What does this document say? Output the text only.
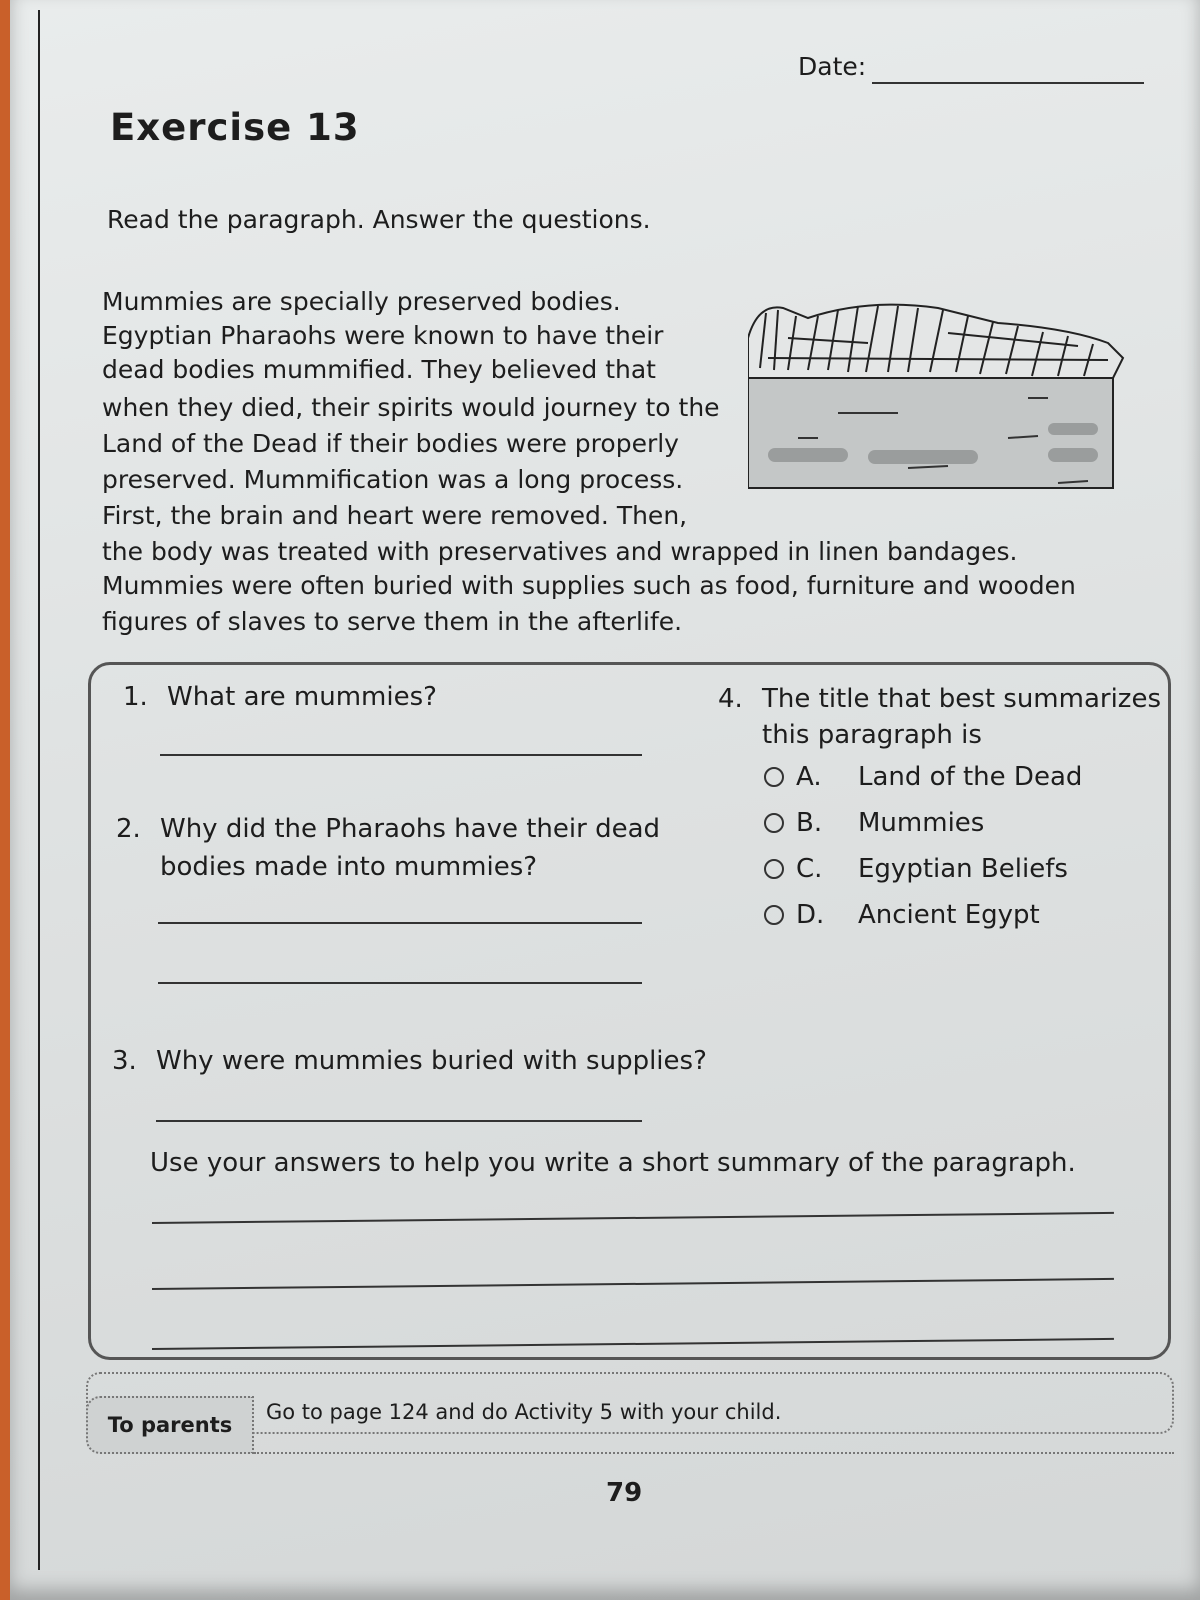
Date:
Exercise 13
Read the paragraph. Answer the questions.
Mummies are specially preserved bodies.
Egyptian Pharaohs were known to have their
dead bodies mummified. They believed that
when they died, their spirits would journey to the
Land of the Dead if their bodies were properly
preserved. Mummification was a long process.
First, the brain and heart were removed. Then,
the body was treated with preservatives and wrapped in linen bandages.
Mummies were often buried with supplies such as food, furniture and wooden
figures of slaves to serve them in the afterlife.
1. What are mummies?
2. Why did the Pharaohs have their dead
bodies made into mummies?
3. Why were mummies buried with supplies?
4. The title that best summarizes
this paragraph is
A.	Land of the Dead
B.	Mummies
C.	Egyptian Beliefs
D.	Ancient Egypt
Use your answers to help you write a short summary of the paragraph.
To parents
Go to page 124 and do Activity 5 with your child.
79
